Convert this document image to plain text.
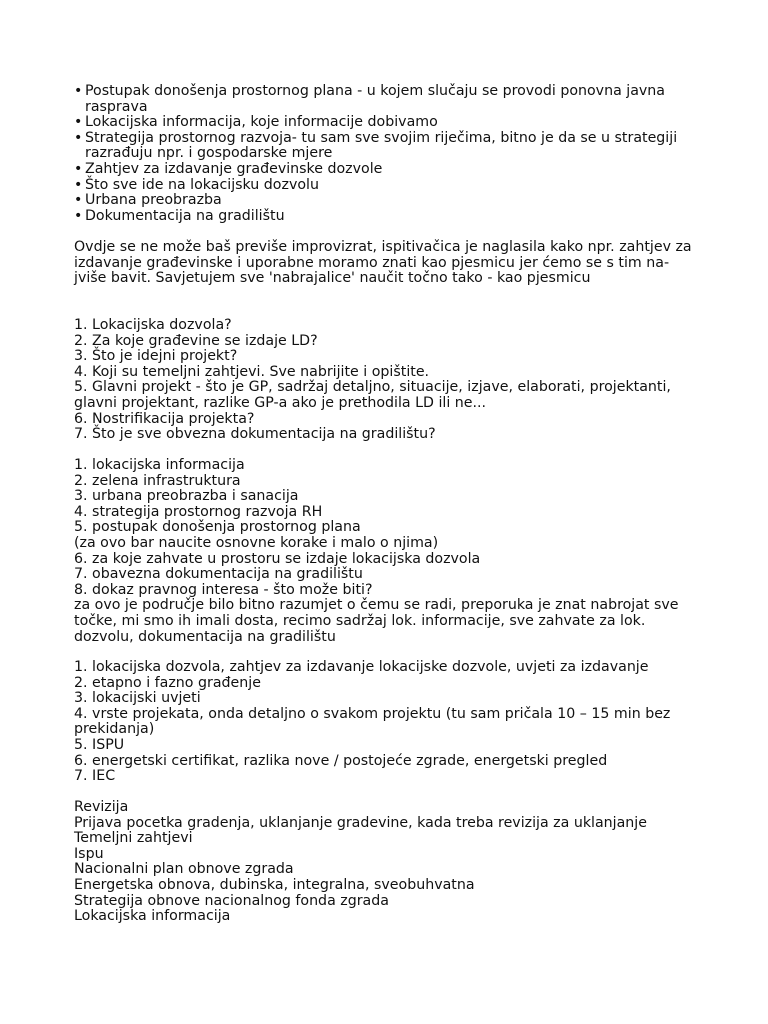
• Postupak donošenja prostornog plana - u kojem slučaju se provodi ponovna javna
rasprava
• Lokacijska informacija, koje informacije dobivamo
• Strategija prostornog razvoja- tu sam sve svojim riječima, bitno je da se u strategiji
razrađuju npr. i gospodarske mjere
• Zahtjev za izdavanje građevinske dozvole
• Što sve ide na lokacijsku dozvolu
• Urbana preobrazba
• Dokumentacija na gradilištu
Ovdje se ne može baš previše improvizrat, ispitivačica je naglasila kako npr. zahtjev za
izdavanje građevinske i uporabne moramo znati kao pjesmicu jer ćemo se s tim na-
jviše bavit. Savjetujem sve 'nabrajalice' naučit točno tako - kao pjesmicu
1. Lokacijska dozvola?
2. Za koje građevine se izdaje LD?
3. Što je idejni projekt?
4. Koji su temeljni zahtjevi. Sve nabrijite i opištite.
5. Glavni projekt - što je GP, sadržaj detaljno, situacije, izjave, elaborati, projektanti,
glavni projektant, razlike GP-a ako je prethodila LD ili ne...
6. Nostrifikacija projekta?
7. Što je sve obvezna dokumentacija na gradilištu?
1. lokacijska informacija
2. zelena infrastruktura
3. urbana preobrazba i sanacija
4. strategija prostornog razvoja RH
5. postupak donošenja prostornog plana
(za ovo bar naucite osnovne korake i malo o njima)
6. za koje zahvate u prostoru se izdaje lokacijska dozvola
7. obavezna dokumentacija na gradilištu
8. dokaz pravnog interesa - što može biti?
za ovo je područje bilo bitno razumjet o čemu se radi, preporuka je znat nabrojat sve
točke, mi smo ih imali dosta, recimo sadržaj lok. informacije, sve zahvate za lok.
dozvolu, dokumentacija na gradilištu
1. lokacijska dozvola, zahtjev za izdavanje lokacijske dozvole, uvjeti za izdavanje
2. etapno i fazno građenje
3. lokacijski uvjeti
4. vrste projekata, onda detaljno o svakom projektu (tu sam pričala 10 – 15 min bez
prekidanja)
5. ISPU
6. energetski certifikat, razlika nove / postojeće zgrade, energetski pregled
7. IEC
Revizija
Prijava pocetka gradenja, uklanjanje gradevine, kada treba revizija za uklanjanje
Temeljni zahtjevi
Ispu
Nacionalni plan obnove zgrada
Energetska obnova, dubinska, integralna, sveobuhvatna
Strategija obnove nacionalnog fonda zgrada
Lokacijska informacija
